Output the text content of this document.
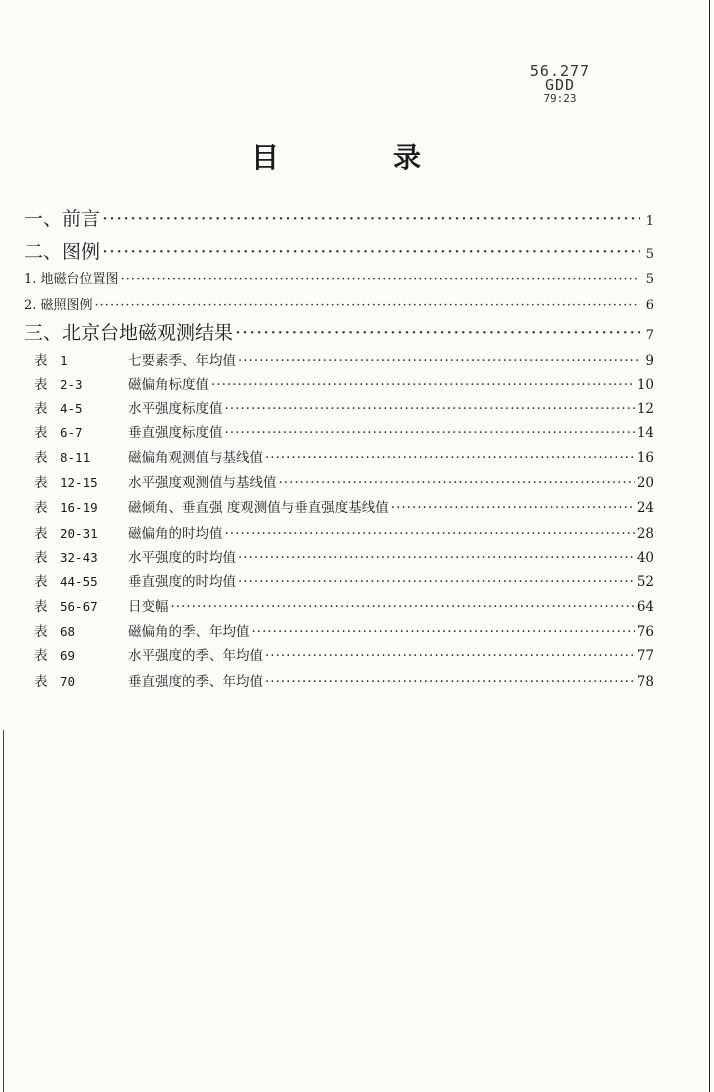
56.277
GDD
79:23
目	录
一、前言 ·····	1
二、图例 ·····	5
1. 地磁台位置图 ·····	5
2. 磁照图例 ·····	6
三、北京台地磁观测结果 ·····	7
表 1	七要素季、年均值 ·····	9
表 2-3	磁偏角标度值 ·····	10
表 4-5	水平强度标度值 ·····	12
表 6-7	垂直强度标度值 ·····	14
表 8-11	磁偏角观测值与基线值 ·····	16
表 12-15 水平强度观测值与基线值 ·····	20
表 16-19 磁倾角、垂直强 度观测值与垂直强度基线值 ·····	24
表 20-31 磁偏角的时均值 ·····	28
表 32-43 水平强度的时均值 ·····	40
表 44-55 垂直强度的时均值 ·····	52
表 56-67 日变幅 ·····	64
表 68	磁偏角的季、年均值 ·····	76
表 69	水平强度的季、年均值 ·····	77
表 70	垂直强度的季、年均值 ·····	78
